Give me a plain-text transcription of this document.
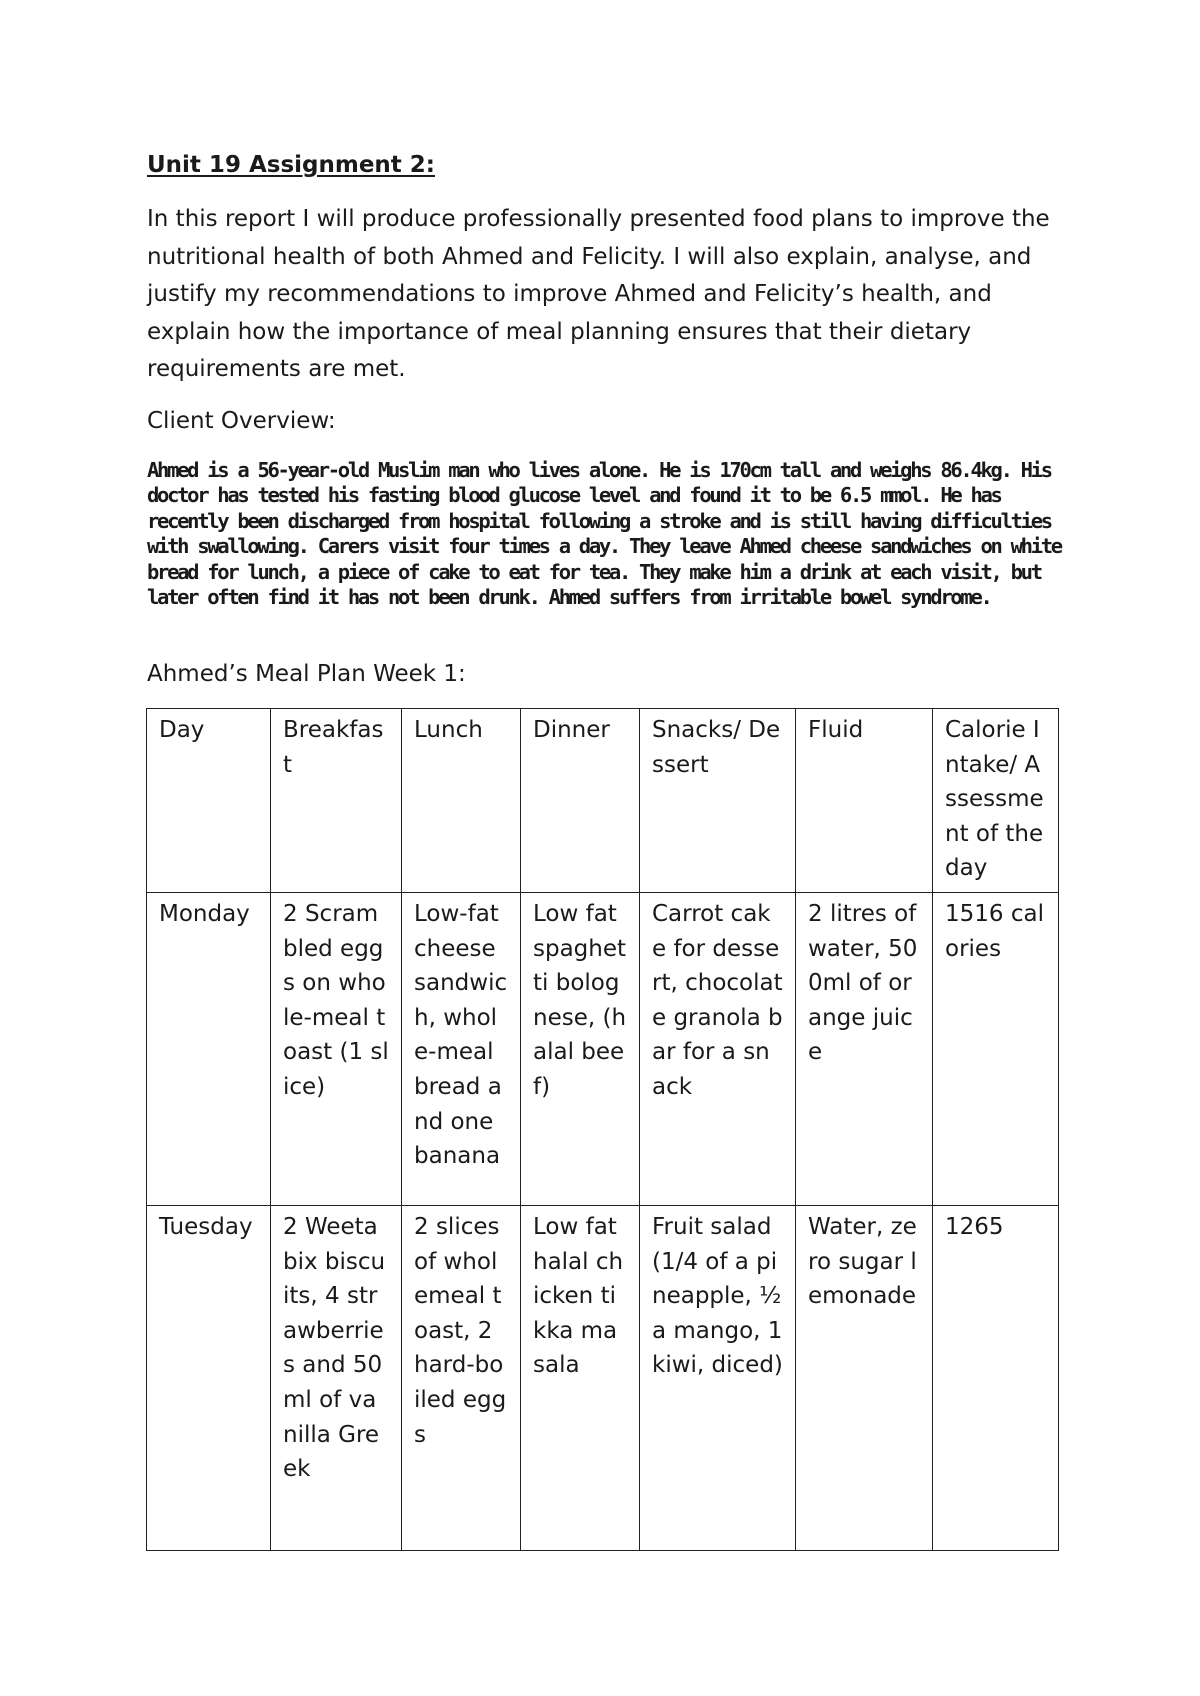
Unit 19 Assignment 2:

In this report I will produce professionally presented food plans to improve the nutritional health of both Ahmed and Felicity. I will also explain, analyse, and justify my recommendations to improve Ahmed and Felicity’s health, and explain how the importance of meal planning ensures that their dietary requirements are met.

Client Overview:

Ahmed is a 56-year-old Muslim man who lives alone. He is 170cm tall and weighs 86.4kg. His doctor has tested his fasting blood glucose level and found it to be 6.5 mmol. He has recently been discharged from hospital following a stroke and is still having difficulties with swallowing. Carers visit four times a day. They leave Ahmed cheese sandwiches on white bread for lunch, a piece of cake to eat for tea. They make him a drink at each visit, but later often find it has not been drunk. Ahmed suffers from irritable bowel syndrome.

Ahmed’s Meal Plan Week 1:

Day	Breakfast	Lunch	Dinner	Snacks/ Dessert	Fluid	Calorie Intake/ Assessment of the day
Monday	2 Scrambled eggs on whole-meal toast (1 slice)	Low-fat cheese sandwich, whole-meal bread and one banana	Low fat spaghetti bolognese, (halal beef)	Carrot cake for dessert, chocolate granola bar for a snack	2 litres of water, 500ml of orange juice	1516 calories
Tuesday	2 Weetabix biscuits, 4 strawberries and 50ml of vanilla Greek	2 slices of wholemeal toast, 2 hard-boiled eggs	Low fat halal chicken tikka masala	Fruit salad (1/4 of a pineapple, ½ a mango, 1 kiwi, diced)	Water, zero sugar lemonade	1265
